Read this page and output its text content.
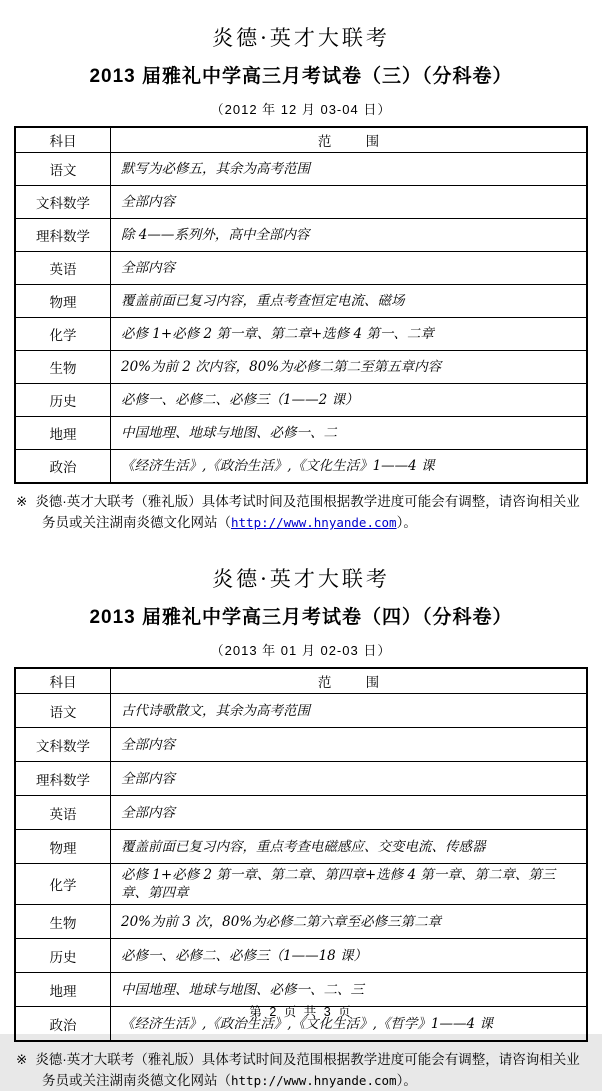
炎德·英才大联考
2013 届雅礼中学高三月考试卷（三）（分科卷）

（2012 年 12 月 03-04 日）

科目	范        围
语文	默写为必修五，其余为高考范围
文科数学	全部内容
理科数学	除 4——系列外，高中全部内容
英语	全部内容
物理	覆盖前面已复习内容，重点考查恒定电流、磁场
化学	必修 1+必修 2 第一章、第二章+选修 4 第一、二章
生物	20%为前 2 次内容，80%为必修二第二至第五章内容
历史	必修一、必修二、必修三（1——2 课）
地理	中国地理、地球与地图、必修一、二
政治	《经济生活》,《政治生活》,《文化生活》1——4 课

※ 炎德·英才大联考（雅礼版）具体考试时间及范围根据教学进度可能会有调整，请咨询相关业务员或关注湖南炎德文化网站（http://www.hnyande.com）。

炎德·英才大联考
2013 届雅礼中学高三月考试卷（四）（分科卷）

（2013 年 01 月 02-03 日）

科目	范        围
语文	古代诗歌散文，其余为高考范围
文科数学	全部内容
理科数学	全部内容
英语	全部内容
物理	覆盖前面已复习内容，重点考查电磁感应、交变电流、传感器
化学	必修 1+必修 2 第一章、第二章、第四章+选修 4 第一章、第二章、第三章、第四章
生物	20%为前 3 次，80%为必修二第六章至必修三第二章
历史	必修一、必修二、必修三（1——18 课）
地理	中国地理、地球与地图、必修一、二、三
政治	《经济生活》,《政治生活》,《文化生活》,《哲学》1——4 课

※ 炎德·英才大联考（雅礼版）具体考试时间及范围根据教学进度可能会有调整，请咨询相关业务员或关注湖南炎德文化网站（http://www.hnyande.com）。

第 2 页 共 3 页
